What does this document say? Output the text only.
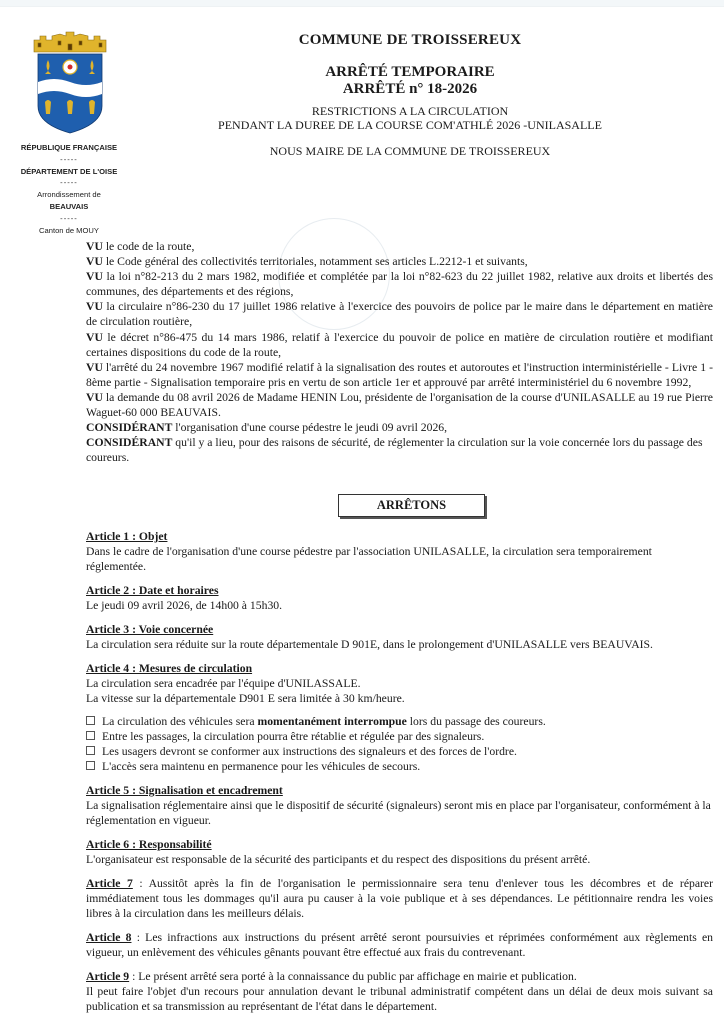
RÉPUBLIQUE FRANÇAISE
-----
DÉPARTEMENT DE L'OISE
-----
Arrondissement de
BEAUVAIS
-----
Canton de MOUY
COMMUNE DE TROISSEREUX
ARRÊTÉ TEMPORAIRE
ARRÊTÉ n° 18-2026
RESTRICTIONS A LA CIRCULATION
PENDANT LA DUREE DE LA COURSE COM'ATHLÉ 2026 -UNILASALLE
NOUS MAIRE DE LA COMMUNE DE TROISSEREUX

VU le code de la route,

VU le Code général des collectivités territoriales, notamment ses articles L.2212-1 et suivants,

VU la loi n°82-213 du 2 mars 1982, modifiée et complétée par la loi n°82-623 du 22 juillet 1982, relative aux droits et libertés des communes, des départements et des régions,

VU la circulaire n°86-230 du 17 juillet 1986 relative à l'exercice des pouvoirs de police par le maire dans le département en matière de circulation routière,

VU le décret n°86-475 du 14 mars 1986, relatif à l'exercice du pouvoir de police en matière de circulation routière et modifiant certaines dispositions du code de la route,

VU l'arrêté du 24 novembre 1967 modifié relatif à la signalisation des routes et autoroutes et l'instruction interministérielle - Livre 1 - 8ème partie - Signalisation temporaire pris en vertu de son article 1er et approuvé par arrêté interministériel du 6 novembre 1992,

VU la demande du 08 avril 2026 de Madame HENIN Lou, présidente de l'organisation de la course d'UNILASALLE au 19 rue Pierre Waguet-60 000 BEAUVAIS.

CONSIDÉRANT l'organisation d'une course pédestre le jeudi 09 avril 2026,

CONSIDÉRANT qu'il y a lieu, pour des raisons de sécurité, de réglementer la circulation sur la voie concernée lors du passage des coureurs.

ARRÊTONS
Article 1 : Objet
Dans le cadre de l'organisation d'une course pédestre par l'association UNILASALLE, la circulation sera temporairement réglementée.
Article 2 : Date et horaires
Le jeudi 09 avril 2026, de 14h00 à 15h30.
Article 3 : Voie concernée
La circulation sera réduite sur la route départementale D 901E, dans le prolongement d'UNILASALLE vers BEAUVAIS.
Article 4 : Mesures de circulation
La circulation sera encadrée par l'équipe d'UNILASSALE.
La vitesse sur la départementale D901 E sera limitée à 30 km/heure.
La circulation des véhicules sera momentanément interrompue lors du passage des coureurs.
Entre les passages, la circulation pourra être rétablie et régulée par des signaleurs.
Les usagers devront se conformer aux instructions des signaleurs et des forces de l'ordre.
L'accès sera maintenu en permanence pour les véhicules de secours.
Article 5 : Signalisation et encadrement
La signalisation réglementaire ainsi que le dispositif de sécurité (signaleurs) seront mis en place par l'organisateur, conformément à la réglementation en vigueur.
Article 6 : Responsabilité
L'organisateur est responsable de la sécurité des participants et du respect des dispositions du présent arrêté.
Article 7 : Aussitôt après la fin de l'organisation le permissionnaire sera tenu d'enlever tous les décombres et de réparer immédiatement tous les dommages qu'il aura pu causer à la voie publique et à ses dépendances. Le pétitionnaire rendra les voies libres à la circulation dans les meilleurs délais.
Article 8 : Les infractions aux instructions du présent arrêté seront poursuivies et réprimées conformément aux règlements en vigueur, un enlèvement des véhicules gênants pouvant être effectué aux frais du contrevenant.
Article 9 : Le présent arrêté sera porté à la connaissance du public par affichage en mairie et publication.
Il peut faire l'objet d'un recours pour annulation devant le tribunal administratif compétent dans un délai de deux mois suivant sa publication et sa transmission au représentant de l'état dans le département.
